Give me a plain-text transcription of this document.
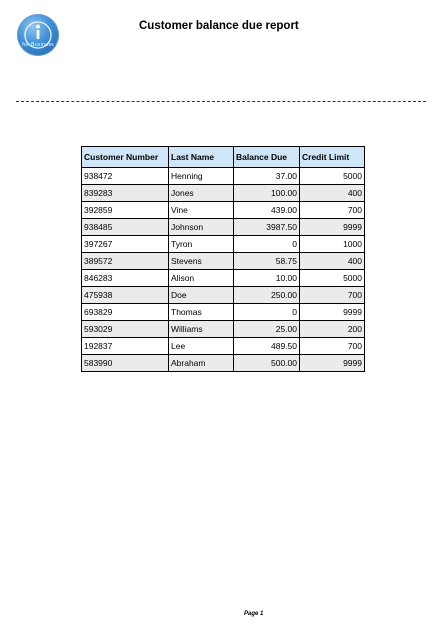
for Business
Customer balance due report
Customer Number	Last Name	Balance Due	Credit Limit
938472	Henning	37.00	5000
839283	Jones	100.00	400
392859	Vine	439.00	700
938485	Johnson	3987.50	9999
397267	Tyron	0	1000
389572	Stevens	58.75	400
846283	Alison	10.00	5000
475938	Doe	250.00	700
693829	Thomas	0	9999
593029	Williams	25.00	200
192837	Lee	489.50	700
583990	Abraham	500.00	9999
Page 1
